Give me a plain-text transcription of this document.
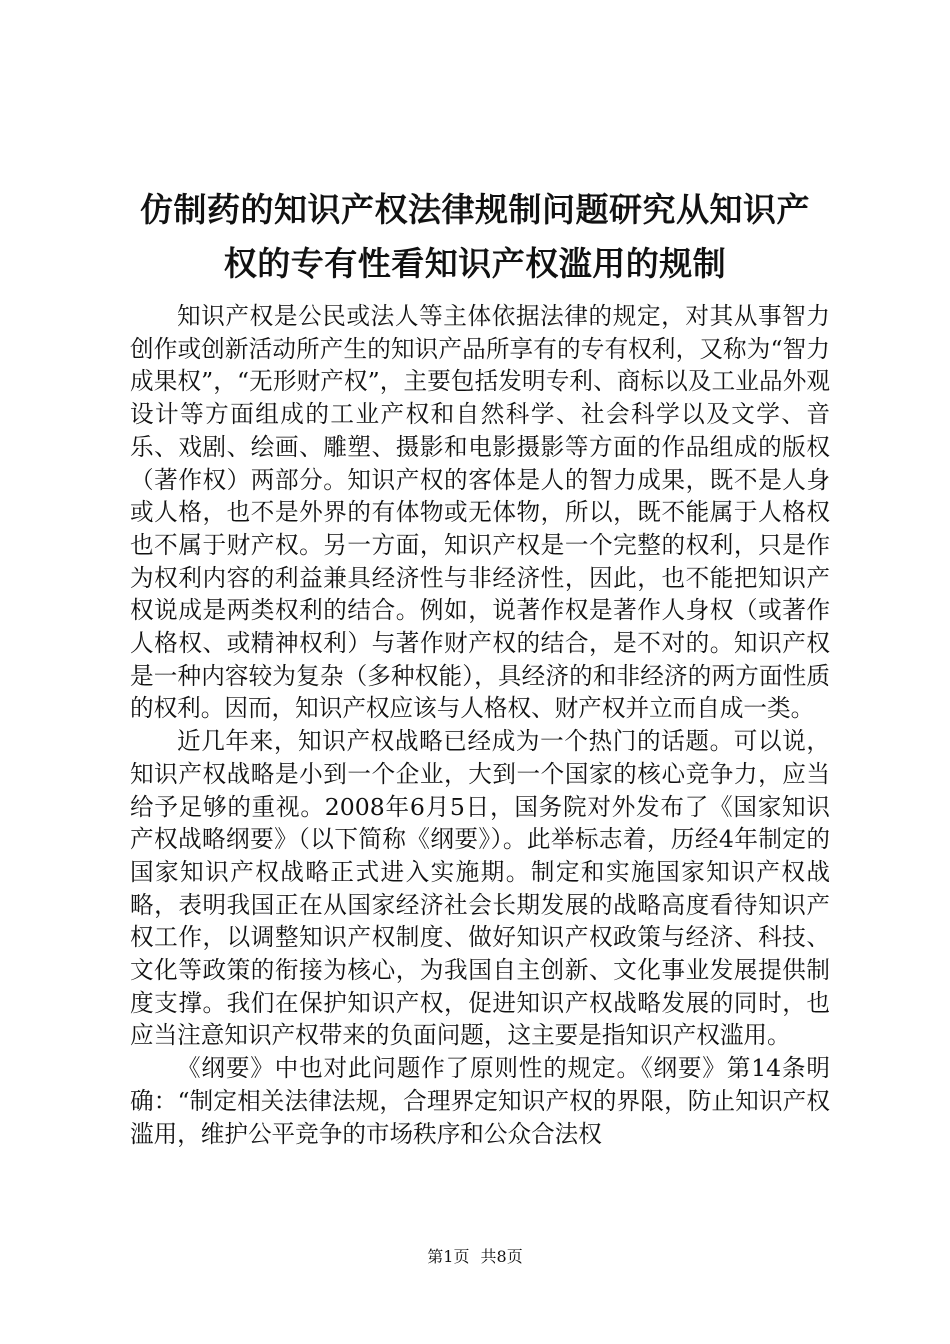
仿制药的知识产权法律规制问题研究从知识产
权的专有性看知识产权滥用的规制

知识产权是公民或法人等主体依据法律的规定，对其从事智力创作或创新活动所产生的知识产品所享有的专有权利，又称为“智力成果权”，“无形财产权”，主要包括发明专利、商标以及工业品外观设计等方面组成的工业产权和自然科学、社会科学以及文学、音乐、戏剧、绘画、雕塑、摄影和电影摄影等方面的作品组成的版权（著作权）两部分。知识产权的客体是人的智力成果，既不是人身或人格，也不是外界的有体物或无体物，所以，既不能属于人格权也不属于财产权。另一方面，知识产权是一个完整的权利，只是作为权利内容的利益兼具经济性与非经济性，因此，也不能把知识产权说成是两类权利的结合。例如，说著作权是著作人身权（或著作人格权、或精神权利）与著作财产权的结合，是不对的。知识产权是一种内容较为复杂（多种权能），具经济的和非经济的两方面性质的权利。因而，知识产权应该与人格权、财产权并立而自成一类。

近几年来，知识产权战略已经成为一个热门的话题。可以说，知识产权战略是小到一个企业，大到一个国家的核心竞争力，应当给予足够的重视。2008年6月5日，国务院对外发布了《国家知识产权战略纲要》（以下简称《纲要》）。此举标志着，历经4年制定的国家知识产权战略正式进入实施期。制定和实施国家知识产权战略，表明我国正在从国家经济社会长期发展的战略高度看待知识产权工作，以调整知识产权制度、做好知识产权政策与经济、科技、文化等政策的衔接为核心，为我国自主创新、文化事业发展提供制度支撑。我们在保护知识产权，促进知识产权战略发展的同时，也应当注意知识产权带来的负面问题，这主要是指知识产权滥用。

《纲要》中也对此问题作了原则性的规定。《纲要》第14条明确：“制定相关法律法规，合理界定知识产权的界限，防止知识产权滥用，维护公平竞争的市场秩序和公众合法权

第1页 共8页
